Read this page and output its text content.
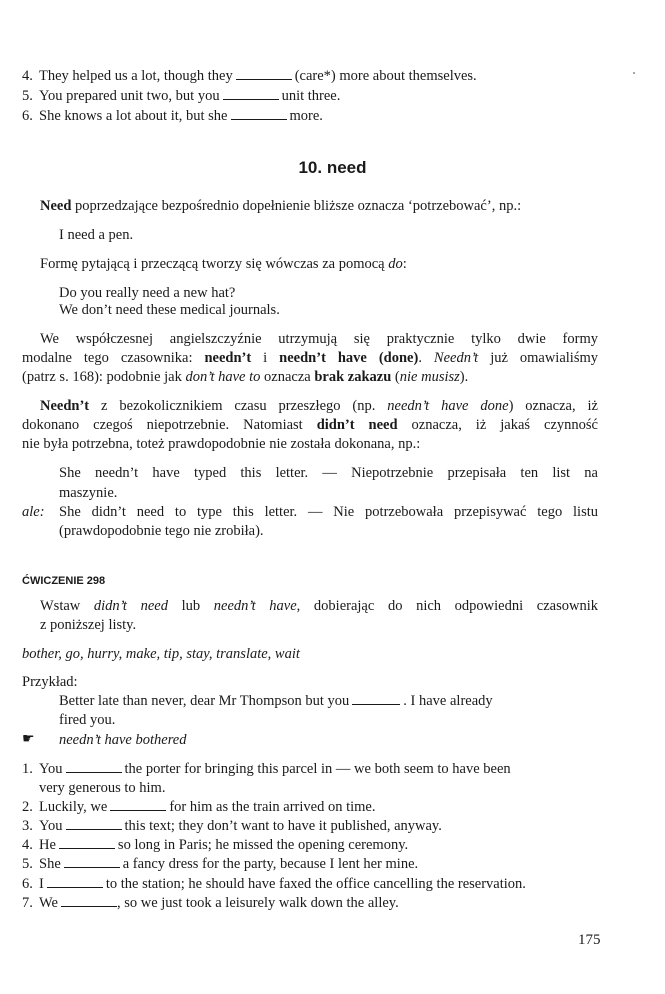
4. They helped us a lot, though they	(care*) more about themselves.
5. You prepared unit two, but you	unit three.
6. She knows a lot about it, but she	more.
10. need
Need poprzedzające bezpośrednio dopełnienie bliższe oznacza ‘potrzebować’, np.:
I need a pen.
Formę pytającą i przeczącą tworzy się wówczas za pomocą do:
Do you really need a new hat?
We don’t need these medical journals.
We współczesnej angielszczyźnie utrzymują się praktycznie tylko dwie formy
modalne tego czasownika: needn’t i needn’t have (done). Needn’t już omawialiśmy
(patrz s. 168): podobnie jak don’t have to oznacza brak zakazu (nie musisz).
Needn’t z bezokolicznikiem czasu przeszłego (np. needn’t have done) oznacza, iż
dokonano czegoś niepotrzebnie. Natomiast didn’t need oznacza, iż jakaś czynność
nie była potrzebna, toteż prawdopodobnie nie została dokonana, np.:
She needn’t have typed this letter. — Niepotrzebnie przepisała ten list na
maszynie.
ale: She didn’t need to type this letter. — Nie potrzebowała przepisywać tego listu
(prawdopodobnie tego nie zrobiła).
ĆWICZENIE 298
Wstaw didn’t need lub needn’t have, dobierając do nich odpowiedni czasownik
z poniższej listy.
bother, go, hurry, make, tip, stay, translate, wait
Przykład:
Better late than never, dear Mr Thompson but you	. I have already
fired you.
☛ needn’t have bothered
1. You	the porter for bringing this parcel in — we both seem to have been
very generous to him.
2. Luckily, we	for him as the train arrived on time.
3. You	this text; they don’t want to have it published, anyway.
4. He	so long in Paris; he missed the opening ceremony.
5. She	a fancy dress for the party, because I lent her mine.
6. I	to the station; he should have faxed the office cancelling the reservation.
7. We	, so we just took a leisurely walk down the alley.
175
